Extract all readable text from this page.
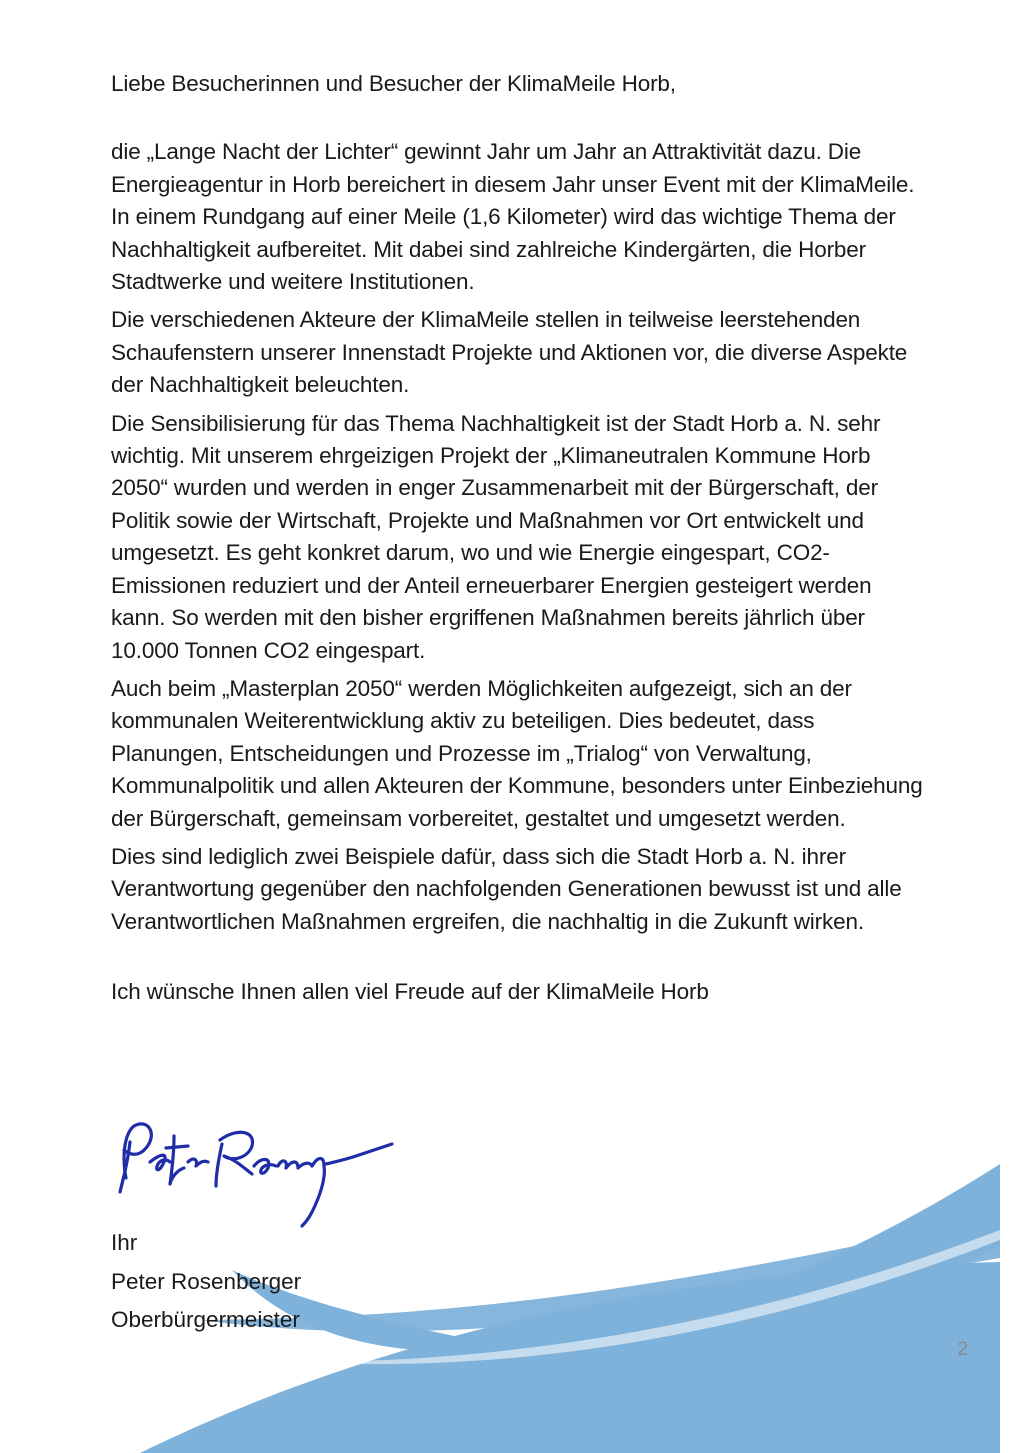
Liebe Besucherinnen und Besucher der KlimaMeile Horb,

die „Lange Nacht der Lichter“ gewinnt Jahr um Jahr an Attraktivität dazu. Die Energieagentur in Horb bereichert in diesem Jahr unser Event mit der KlimaMeile. In einem Rundgang auf einer Meile (1,6 Kilometer) wird das wichtige Thema der Nachhaltigkeit aufbereitet. Mit dabei sind zahlreiche Kindergärten, die Horber Stadtwerke und weitere Institutionen.

Die verschiedenen Akteure der KlimaMeile stellen in teilweise leerstehenden Schaufenstern unserer Innenstadt Projekte und Aktionen vor, die diverse Aspekte der Nachhaltigkeit beleuchten.

Die Sensibilisierung für das Thema Nachhaltigkeit ist der Stadt Horb a. N. sehr wichtig. Mit unserem ehrgeizigen Projekt der „Klimaneutralen Kommune Horb 2050“ wurden und werden in enger Zusammenarbeit mit der Bürgerschaft, der Politik sowie der Wirtschaft, Projekte und Maßnahmen vor Ort entwickelt und umgesetzt. Es geht konkret darum, wo und wie Energie eingespart, CO2-Emissionen reduziert und der Anteil erneuerbarer Energien gesteigert werden kann. So werden mit den bisher ergriffenen Maßnahmen bereits jährlich über 10.000 Tonnen CO2 eingespart.

Auch beim „Masterplan 2050“ werden Möglichkeiten aufgezeigt, sich an der kommunalen Weiterentwicklung aktiv zu beteiligen. Dies bedeutet, dass Planungen, Entscheidungen und Prozesse im „Trialog“ von Verwaltung, Kommunalpolitik und allen Akteuren der Kommune, besonders unter Einbeziehung der Bürgerschaft, gemeinsam vorbereitet, gestaltet und umgesetzt werden.

Dies sind lediglich zwei Beispiele dafür, dass sich die Stadt Horb a. N. ihrer Verantwortung gegenüber den nachfolgenden Generationen bewusst ist und alle Verantwortlichen Maßnahmen ergreifen, die nachhaltig in die Zukunft wirken.

Ich wünsche Ihnen allen viel Freude auf der KlimaMeile Horb

Ihr
Peter Rosenberger
Oberbürgermeister
2
